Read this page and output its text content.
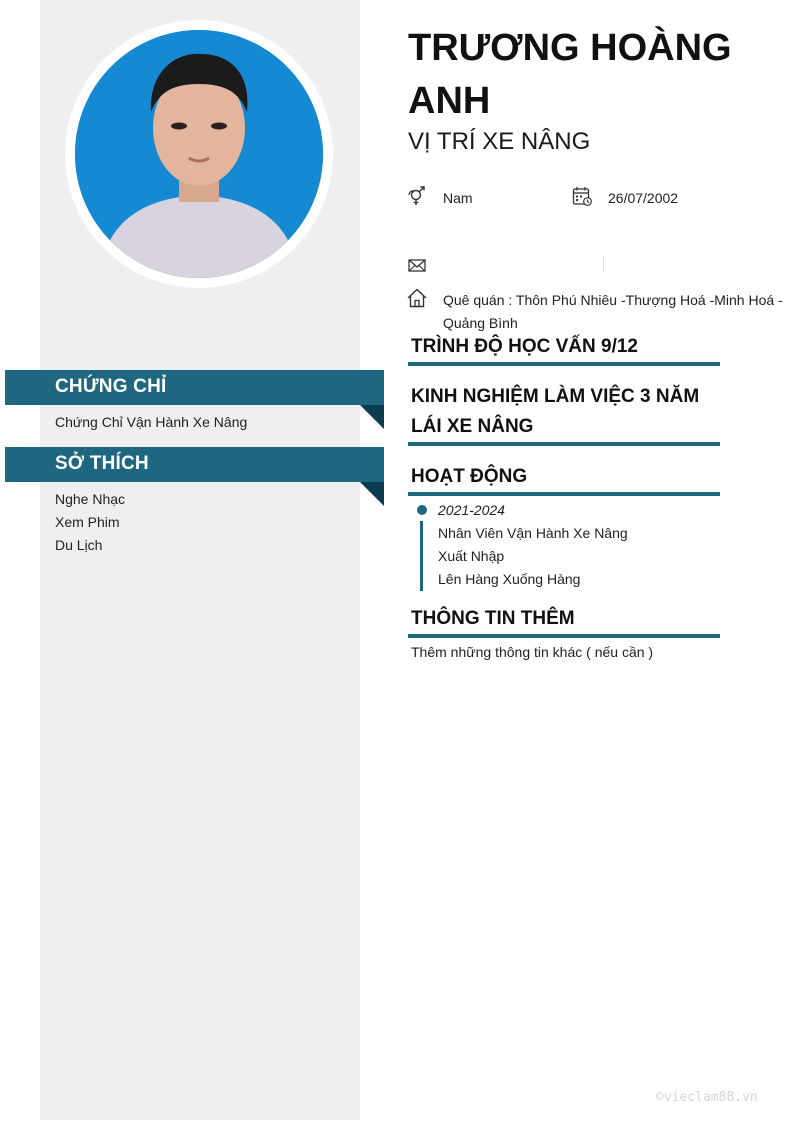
CHỨNG CHỈ
Chứng Chỉ Vận Hành Xe Nâng
SỞ THÍCH
Nghe Nhạc
Xem Phim
Du Lịch
TRƯƠNG HOÀNG ANH
VỊ TRÍ XE NÂNG
Nam	26/07/2002
Quê quán : Thôn Phú Nhiêu -Thượng Hoá -Minh Hoá - Quảng Bình
TRÌNH ĐỘ HỌC VẤN 9/12
KINH NGHIỆM LÀM VIỆC 3 NĂM LÁI XE NÂNG
HOẠT ĐỘNG
2021-2024
Nhân Viên Vận Hành Xe Nâng
Xuất Nhập
Lên Hàng Xuống Hàng
THÔNG TIN THÊM
Thêm những thông tin khác ( nếu cần )
©vieclam88.vn
